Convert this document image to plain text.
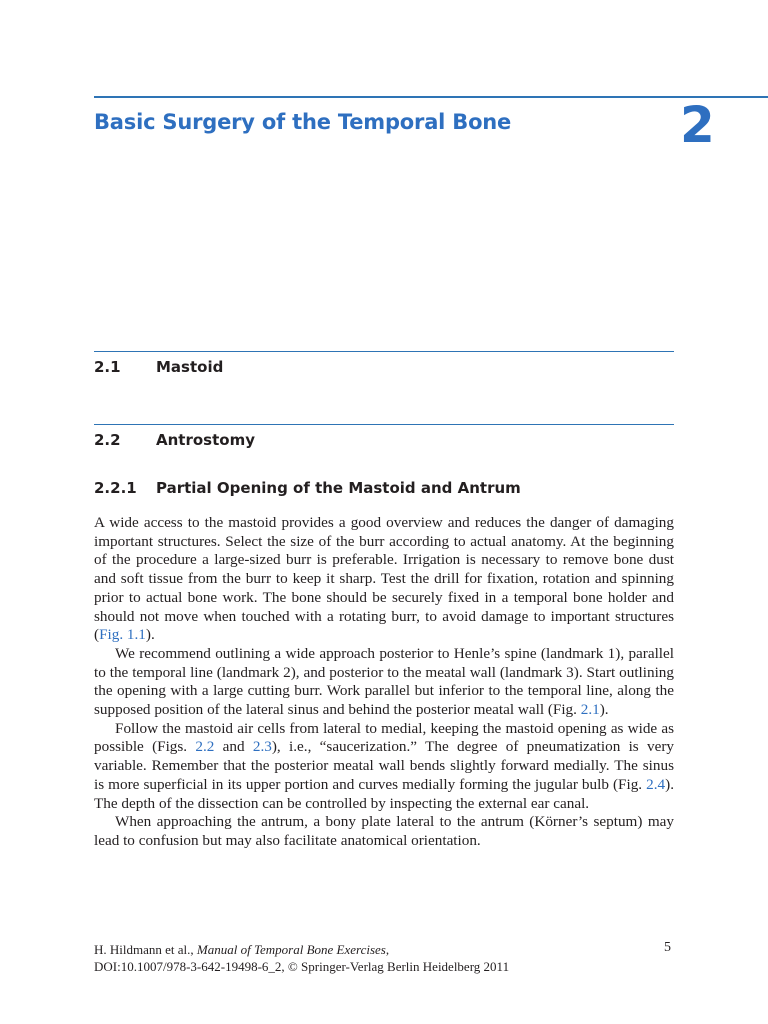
Basic Surgery of the Temporal Bone	2
2.1 Mastoid
2.2 Antrostomy
2.2.1 Partial Opening of the Mastoid and Antrum

A wide access to the mastoid provides a good overview and reduces the danger of damaging important structures. Select the size of the burr according to actual anatomy. At the beginning of the procedure a large-sized burr is preferable. Irrigation is necessary to remove bone dust and soft tissue from the burr to keep it sharp. Test the drill for fixation, rotation and spinning prior to actual bone work. The bone should be securely fixed in a temporal bone holder and should not move when touched with a rotating burr, to avoid damage to important structures (Fig. 1.1).

We recommend outlining a wide approach posterior to Henle’s spine (landmark 1), parallel to the temporal line (landmark 2), and posterior to the meatal wall (landmark 3). Start outlining the opening with a large cutting burr. Work parallel but inferior to the temporal line, along the supposed position of the lateral sinus and behind the posterior meatal wall (Fig. 2.1).

Follow the mastoid air cells from lateral to medial, keeping the mastoid opening as wide as possible (Figs. 2.2 and 2.3), i.e., “saucerization.” The degree of pneumatization is very variable. Remember that the posterior meatal wall bends slightly forward medially. The sinus is more superficial in its upper portion and curves medially forming the jugular bulb (Fig. 2.4). The depth of the dissection can be controlled by inspecting the external ear canal.

When approaching the antrum, a bony plate lateral to the antrum (Körner’s septum) may lead to confusion but may also facilitate anatomical orientation.

H. Hildmann et al., Manual of Temporal Bone Exercises,
DOI:10.1007/978-3-642-19498-6_2, © Springer-Verlag Berlin Heidelberg 2011
5
